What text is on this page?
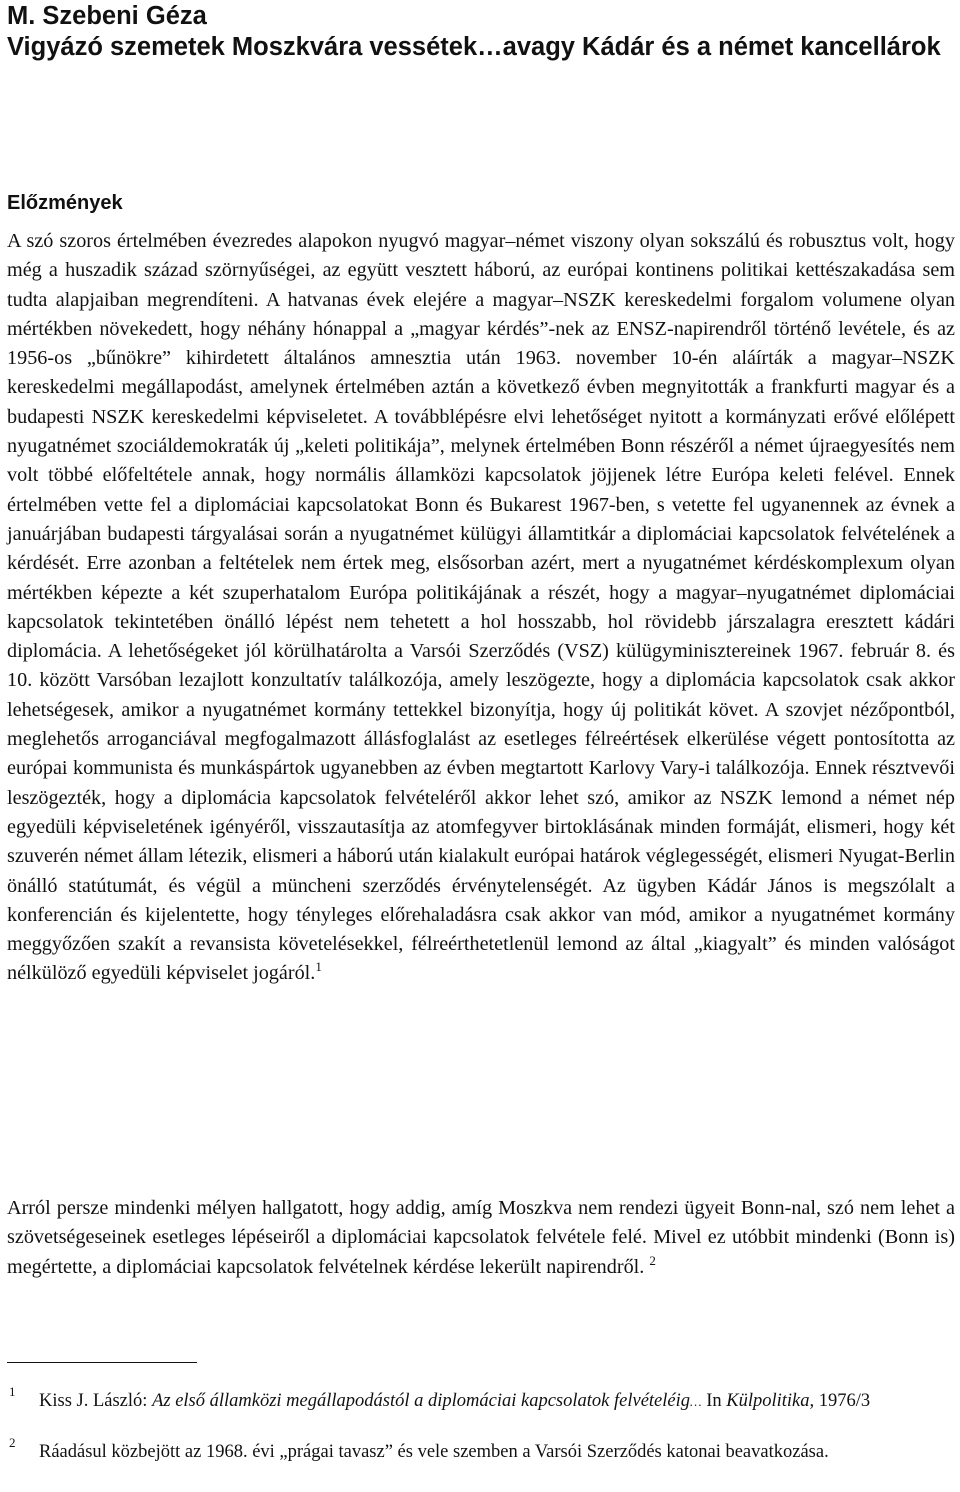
M. Szebeni Géza
Vigyázó szemetek Moszkvára vessétek…avagy Kádár és a német kancellárok
Előzmények

A szó szoros értelmében évezredes alapokon nyugvó magyar–német viszony olyan sokszálú és robusztus volt, hogy még a huszadik század szörnyűségei, az együtt vesztett háború, az európai kontinens politikai kettészakadása sem tudta alapjaiban megrendíteni. A hatvanas évek elejére a magyar–NSZK kereskedelmi forgalom volumene olyan mértékben növekedett, hogy néhány hónappal a „magyar kérdés”-nek az ENSZ-napirendről történő levétele, és az 1956-os „bűnökre” kihirdetett általános amnesztia után 1963. november 10-én aláírták a magyar–NSZK kereskedelmi megállapodást, amelynek értelmében aztán a következő évben megnyitották a frankfurti magyar és a budapesti NSZK kereskedelmi képviseletet. A továbblépésre elvi lehetőséget nyitott a kormányzati erővé előlépett nyugatnémet szociáldemokraták új „keleti politikája”, melynek értelmében Bonn részéről a német újraegyesítés nem volt többé előfeltétele annak, hogy normális államközi kapcsolatok jöjjenek létre Európa keleti felével. Ennek értelmében vette fel a diplomáciai kapcsolatokat Bonn és Bukarest 1967-ben, s vetette fel ugyanennek az évnek a januárjában budapesti tárgyalásai során a nyugatnémet külügyi államtitkár a diplomáciai kapcsolatok felvételének a kérdését. Erre azonban a feltételek nem értek meg, elsősorban azért, mert a nyugatnémet kérdéskomplexum olyan mértékben képezte a két szuperhatalom Európa politikájának a részét, hogy a magyar–nyugatnémet diplomáciai kapcsolatok tekintetében önálló lépést nem tehetett a hol hosszabb, hol rövidebb járszalagra eresztett kádári diplomácia. A lehetőségeket jól körülhatárolta a Varsói Szerződés (VSZ) külügyminisztereinek 1967. február 8. és 10. között Varsóban lezajlott konzultatív találkozója, amely leszögezte, hogy a diplomácia kapcsolatok csak akkor lehetségesek, amikor a nyugatnémet kormány tettekkel bizonyítja, hogy új politikát követ. A szovjet nézőpontból, meglehetős arroganciával megfogalmazott állásfoglalást az esetleges félreértések elkerülése végett pontosította az európai kommunista és munkáspártok ugyanebben az évben megtartott Karlovy Vary-i találkozója. Ennek résztvevői leszögezték, hogy a diplomácia kapcsolatok felvételéről akkor lehet szó, amikor az NSZK lemond a német nép egyedüli képviseletének igényéről, visszautasítja az atomfegyver birtoklásának minden formáját, elismeri, hogy két szuverén német állam létezik, elismeri a háború után kialakult európai határok véglegességét, elismeri Nyugat-Berlin önálló statútumát, és végül a müncheni szerződés érvénytelenségét. Az ügyben Kádár János is megszólalt a konferencián és kijelentette, hogy tényleges előrehaladásra csak akkor van mód, amikor a nyugatnémet kormány meggyőzően szakít a revansista követelésekkel, félreérthetetlenül lemond az által „kiagyalt” és minden valóságot nélkülöző egyedüli képviselet jogáról.$^1$

Arról persze mindenki mélyen hallgatott, hogy addig, amíg Moszkva nem rendezi ügyeit Bonn-nal, szó nem lehet a szövetségeseinek esetleges lépéseiről a diplomáciai kapcsolatok felvétele felé. Mivel ez utóbbit mindenki (Bonn is) megértette, a diplomáciai kapcsolatok felvételnek kérdése lekerült napirendről. $^2$

1 Kiss J. László: Az első államközi megállapodástól a diplomáciai kapcsolatok felvételéig… In Külpolitika, 1976/3
2 Ráadásul közbejött az 1968. évi „prágai tavasz” és vele szemben a Varsói Szerződés katonai beavatkozása.
